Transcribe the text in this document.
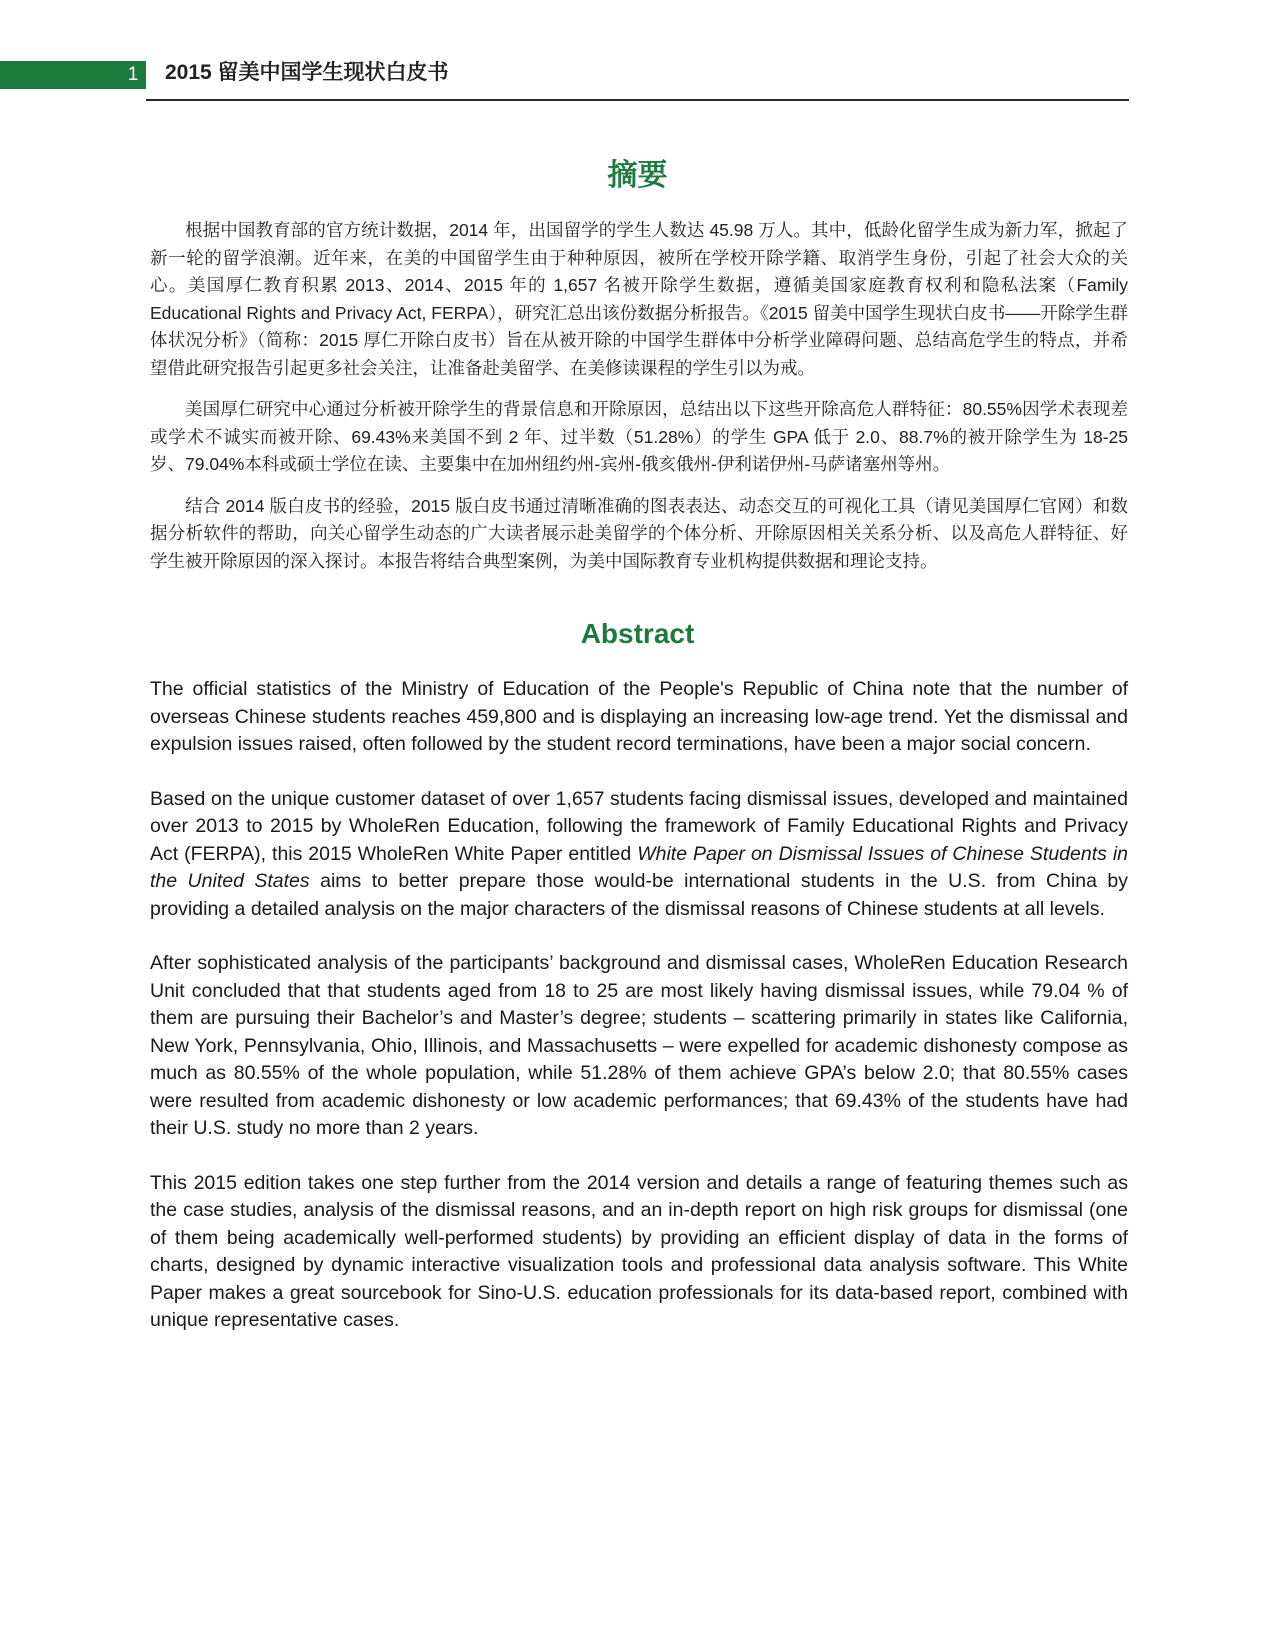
1	2015 留美中国学生现状白皮书
摘要

根据中国教育部的官方统计数据，2014 年，出国留学的学生人数达 45.98 万人。其中，低龄化留学生成为新力军，掀起了新一轮的留学浪潮。近年来，在美的中国留学生由于种种原因，被所在学校开除学籍、取消学生身份，引起了社会大众的关心。美国厚仁教育积累 2013、2014、2015 年的 1,657 名被开除学生数据，遵循美国家庭教育权利和隐私法案（Family Educational Rights and Privacy Act, FERPA），研究汇总出该份数据分析报告。《2015 留美中国学生现状白皮书——开除学生群体状况分析》（简称：2015 厚仁开除白皮书）旨在从被开除的中国学生群体中分析学业障碍问题、总结高危学生的特点，并希望借此研究报告引起更多社会关注，让准备赴美留学、在美修读课程的学生引以为戒。

美国厚仁研究中心通过分析被开除学生的背景信息和开除原因，总结出以下这些开除高危人群特征：80.55%因学术表现差或学术不诚实而被开除、69.43%来美国不到 2 年、过半数（51.28%）的学生 GPA 低于 2.0、88.7%的被开除学生为 18-25 岁、79.04%本科或硕士学位在读、主要集中在加州纽约州-宾州-俄亥俄州-伊利诺伊州-马萨诸塞州等州。

结合 2014 版白皮书的经验，2015 版白皮书通过清晰准确的图表表达、动态交互的可视化工具（请见美国厚仁官网）和数据分析软件的帮助，向关心留学生动态的广大读者展示赴美留学的个体分析、开除原因相关关系分析、以及高危人群特征、好学生被开除原因的深入探讨。本报告将结合典型案例，为美中国际教育专业机构提供数据和理论支持。

Abstract

The official statistics of the Ministry of Education of the People's Republic of China note that the number of overseas Chinese students reaches 459,800 and is displaying an increasing low-age trend. Yet the dismissal and expulsion issues raised, often followed by the student record terminations, have been a major social concern.

Based on the unique customer dataset of over 1,657 students facing dismissal issues, developed and maintained over 2013 to 2015 by WholeRen Education, following the framework of Family Educational Rights and Privacy Act (FERPA), this 2015 WholeRen White Paper entitled White Paper on Dismissal Issues of Chinese Students in the United States aims to better prepare those would-be international students in the U.S. from China by providing a detailed analysis on the major characters of the dismissal reasons of Chinese students at all levels.

After sophisticated analysis of the participants’ background and dismissal cases, WholeRen Education Research Unit concluded that that students aged from 18 to 25 are most likely having dismissal issues, while 79.04 % of them are pursuing their Bachelor’s and Master’s degree; students – scattering primarily in states like California, New York, Pennsylvania, Ohio, Illinois, and Massachusetts – were expelled for academic dishonesty compose as much as 80.55% of the whole population, while 51.28% of them achieve GPA’s below 2.0; that 80.55% cases were resulted from academic dishonesty or low academic performances; that 69.43% of the students have had their U.S. study no more than 2 years.

This 2015 edition takes one step further from the 2014 version and details a range of featuring themes such as the case studies, analysis of the dismissal reasons, and an in-depth report on high risk groups for dismissal (one of them being academically well-performed students) by providing an efficient display of data in the forms of charts, designed by dynamic interactive visualization tools and professional data analysis software. This White Paper makes a great sourcebook for Sino-U.S. education professionals for its data-based report, combined with unique representative cases.
